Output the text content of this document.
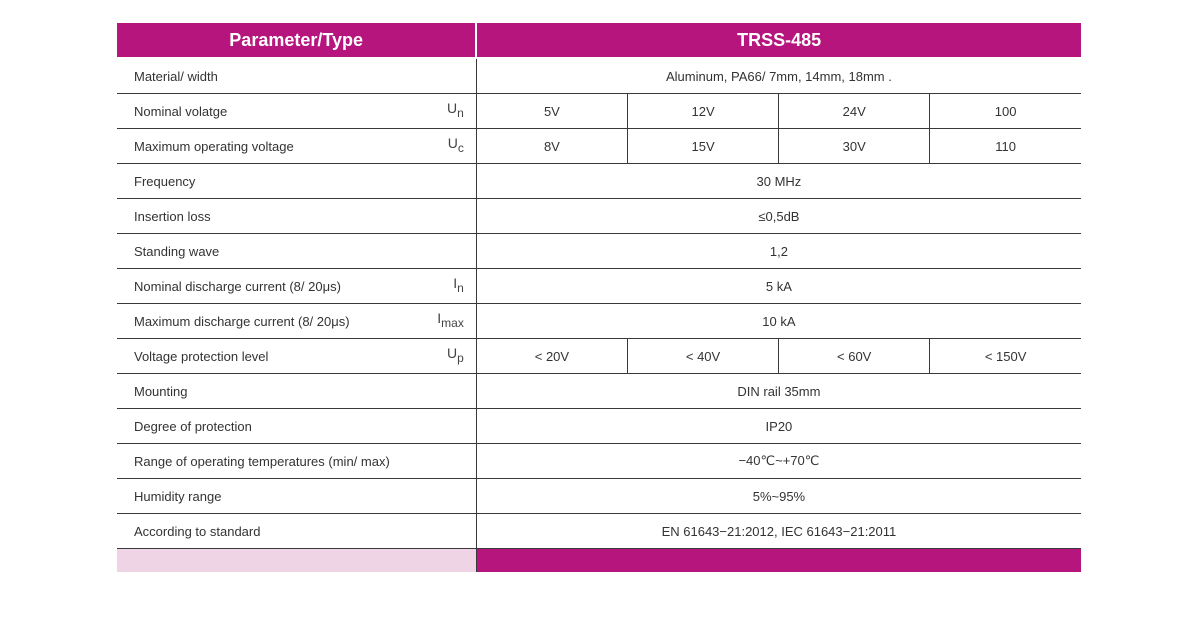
Parameter/Type	TRSS-485			
Material/ width	Aluminum, PA66/ 7mm, 14mm, 18mm .			
Nominal volatge $U_n$	5V	12V	24V	100
Maximum operating voltage $U_c$	8V	15V	30V	110
Frequency	30 MHz			
Insertion loss	≤0,5dB			
Standing wave	1,2			
Nominal discharge current (8/ 20μs) $I_n$	5 kA			
Maximum discharge current (8/ 20μs) $I_{max}$	10 kA			
Voltage protection level $U_p$	< 20V	< 40V	< 60V	< 150V
Mounting	DIN rail 35mm			
Degree of protection	IP20			
Range of operating temperatures (min/ max)	−40℃~+70℃			
Humidity range	5%~95%			
According to standard	EN 61643−21:2012, IEC 61643−21:2011			
